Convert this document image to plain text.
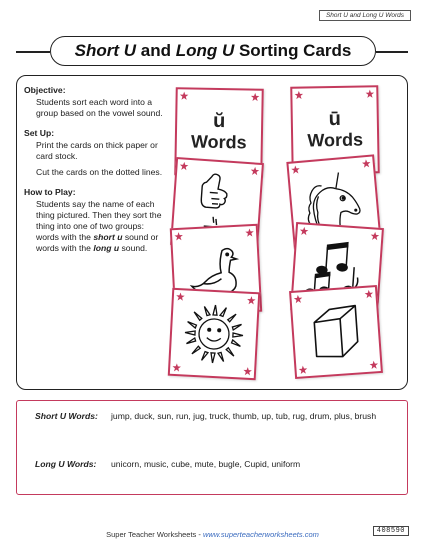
Short U and Long U Words
Short U and Long U Sorting Cards
Objective:

Students sort each word into a group based on the vowel sound.

Set Up:

Print the cards on thick paper or card stock.

Cut the cards on the dotted lines.

How to Play:

Students say the name of each thing pictured. Then they sort the thing into one of two groups: words with the short u sound or words with the long u sound.

ŭ
Words
ū
Words
Short U Words:	jump, duck, sun, run, jug, truck, thumb, up, tub, rug, drum, plus, brush
Long U Words:	unicorn, music, cube, mute, bugle, Cupid, uniform
Super Teacher Worksheets - www.superteacherworksheets.com	408590
